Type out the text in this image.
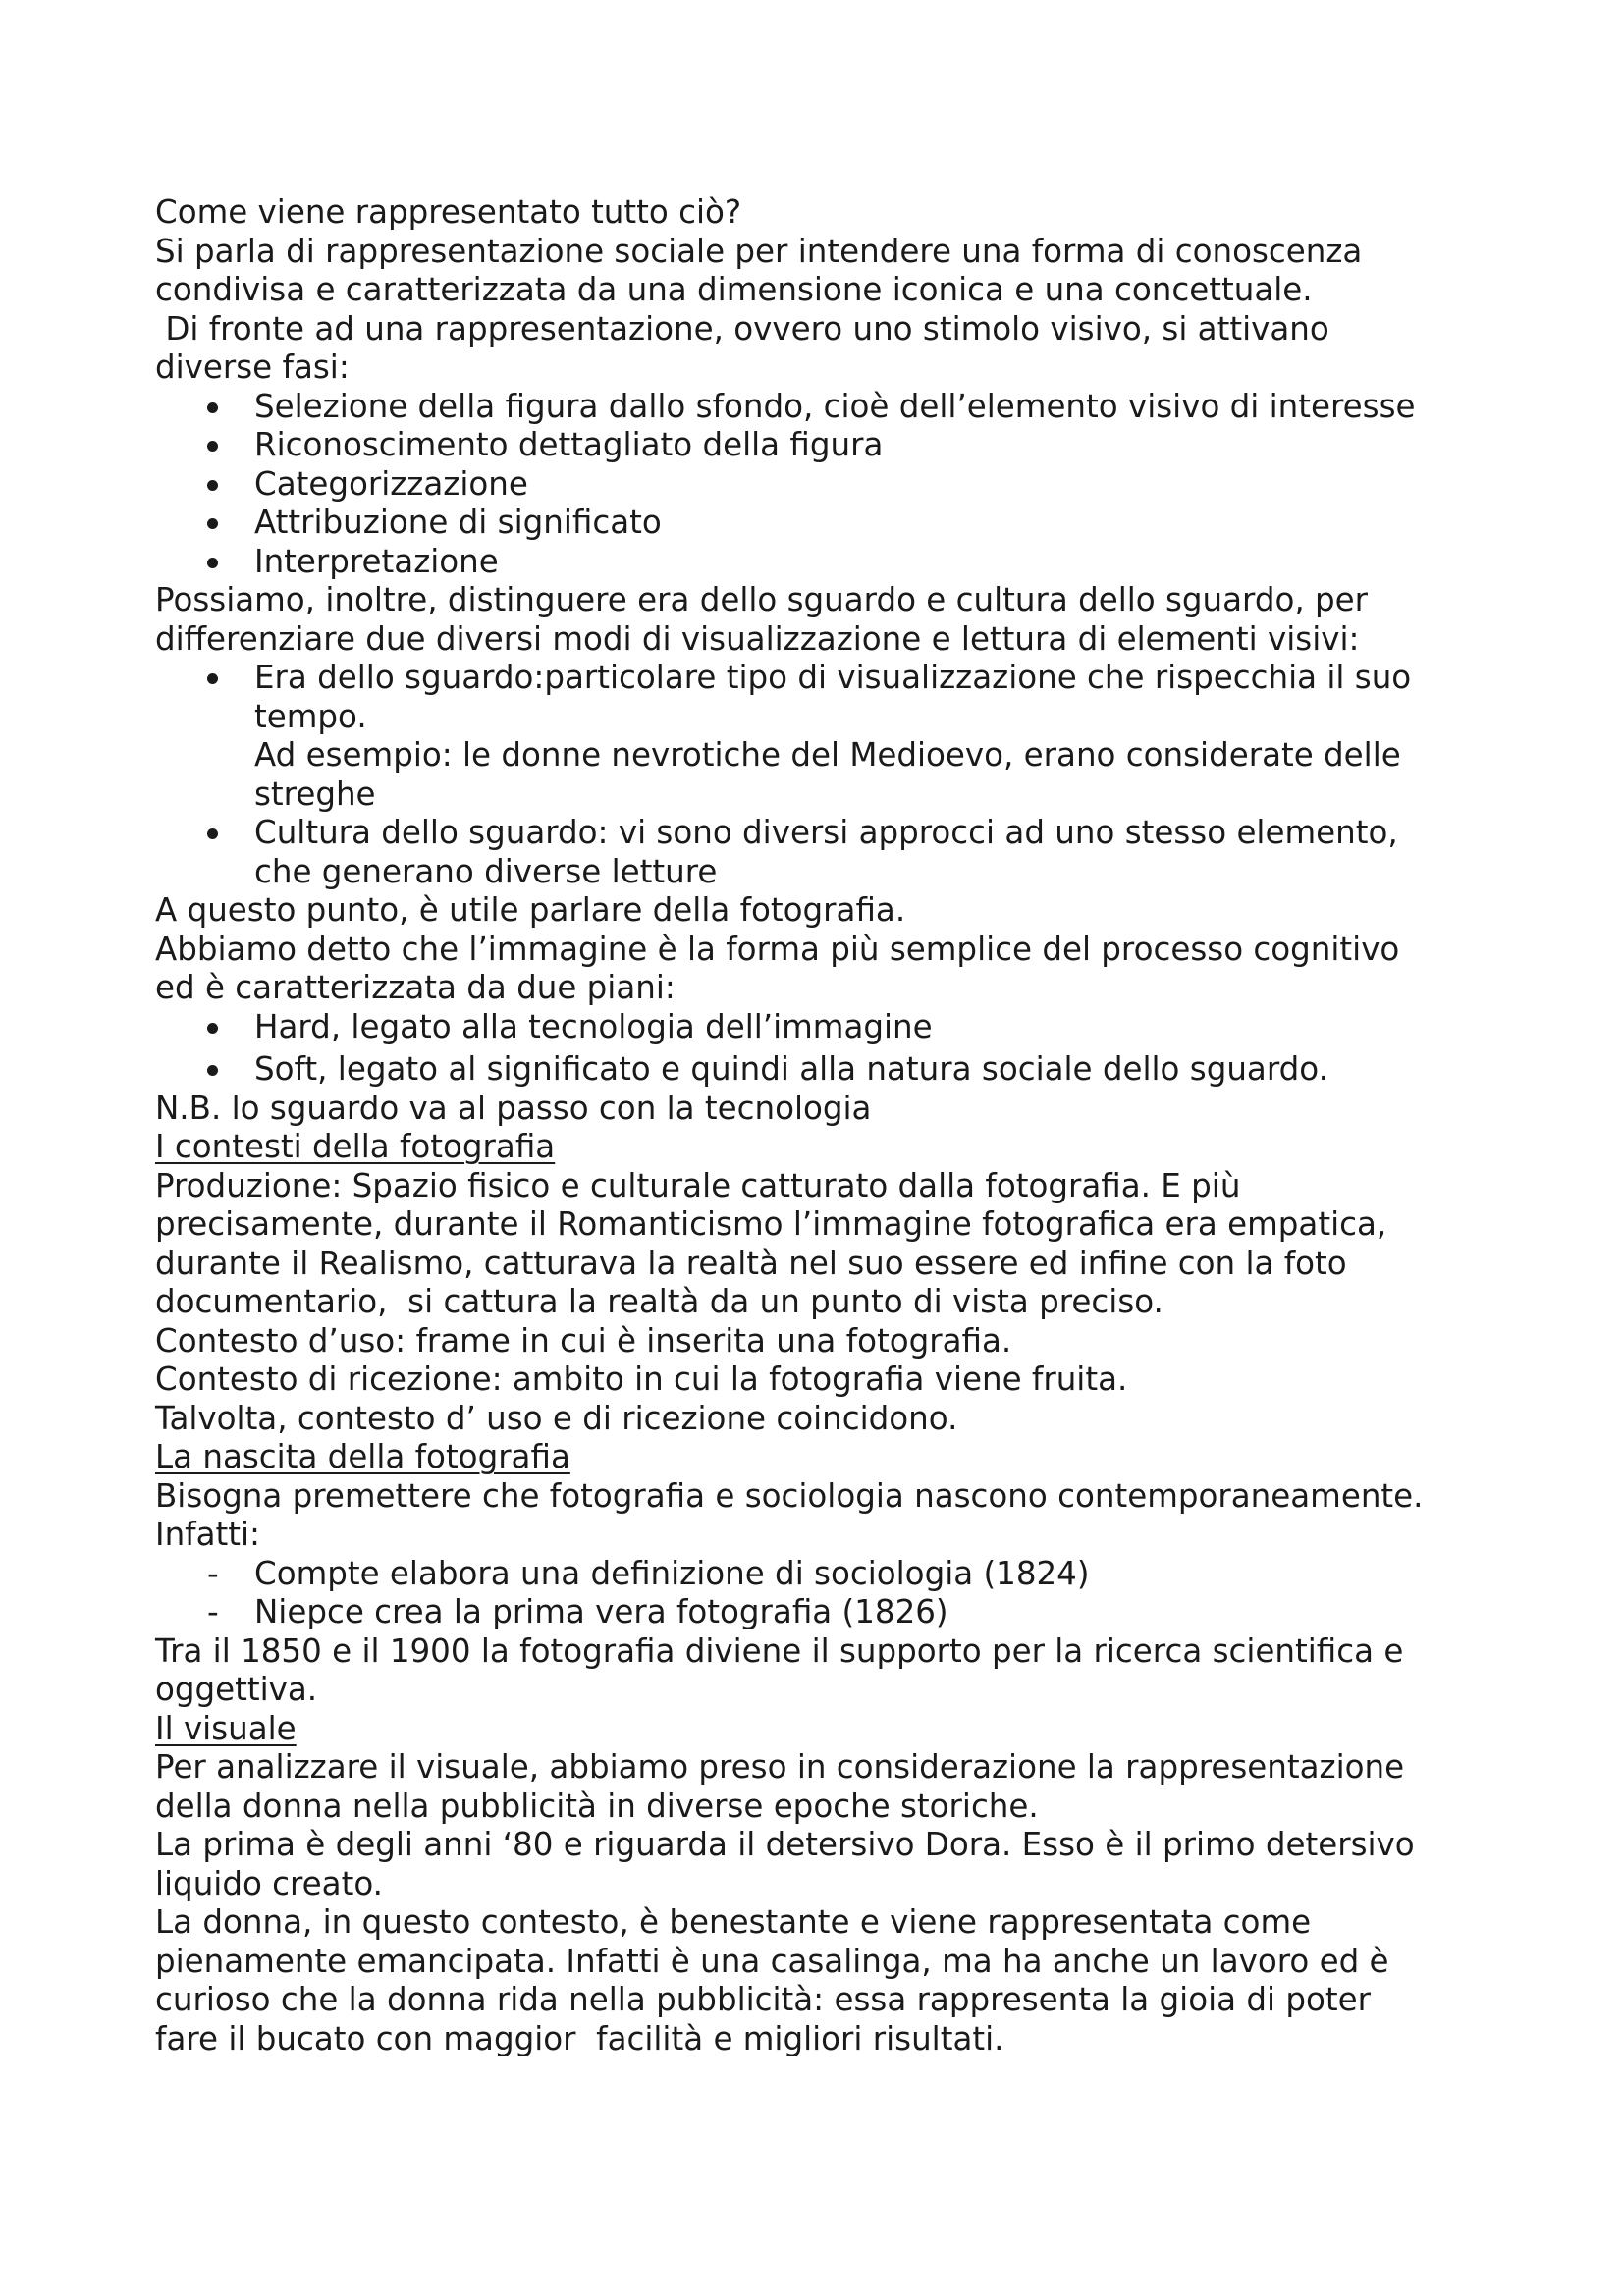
Come viene rappresentato tutto ciò?

Si parla di rappresentazione sociale per intendere una forma di conoscenza

condivisa e caratterizzata da una dimensione iconica e una concettuale.

Di fronte ad una rappresentazione, ovvero uno stimolo visivo, si attivano

diverse fasi:

Selezione della figura dallo sfondo, cioè dell’elemento visivo di interesse
Riconoscimento dettagliato della figura
Categorizzazione
Attribuzione di significato
Interpretazione

Possiamo, inoltre, distinguere era dello sguardo e cultura dello sguardo, per

differenziare due diversi modi di visualizzazione e lettura di elementi visivi:

Era dello sguardo:particolare tipo di visualizzazione che rispecchia il suo
tempo.
Ad esempio: le donne nevrotiche del Medioevo, erano considerate delle
streghe
Cultura dello sguardo: vi sono diversi approcci ad uno stesso elemento,
che generano diverse letture

A questo punto, è utile parlare della fotografia.

Abbiamo detto che l’immagine è la forma più semplice del processo cognitivo

ed è caratterizzata da due piani:

Hard, legato alla tecnologia dell’immagine
Soft, legato al significato e quindi alla natura sociale dello sguardo.

N.B. lo sguardo va al passo con la tecnologia

I contesti della fotografia

Produzione: Spazio fisico e culturale catturato dalla fotografia. E più

precisamente, durante il Romanticismo l’immagine fotografica era empatica,

durante il Realismo, catturava la realtà nel suo essere ed infine con la foto

documentario,  si cattura la realtà da un punto di vista preciso.

Contesto d’uso: frame in cui è inserita una fotografia.

Contesto di ricezione: ambito in cui la fotografia viene fruita.

Talvolta, contesto d’ uso e di ricezione coincidono.

La nascita della fotografia

Bisogna premettere che fotografia e sociologia nascono contemporaneamente.

Infatti:

- Compte elabora una definizione di sociologia (1824)
- Niepce crea la prima vera fotografia (1826)

Tra il 1850 e il 1900 la fotografia diviene il supporto per la ricerca scientifica e

oggettiva.

Il visuale

Per analizzare il visuale, abbiamo preso in considerazione la rappresentazione

della donna nella pubblicità in diverse epoche storiche.

La prima è degli anni ‘80 e riguarda il detersivo Dora. Esso è il primo detersivo

liquido creato.

La donna, in questo contesto, è benestante e viene rappresentata come

pienamente emancipata. Infatti è una casalinga, ma ha anche un lavoro ed è

curioso che la donna rida nella pubblicità: essa rappresenta la gioia di poter

fare il bucato con maggior  facilità e migliori risultati.
